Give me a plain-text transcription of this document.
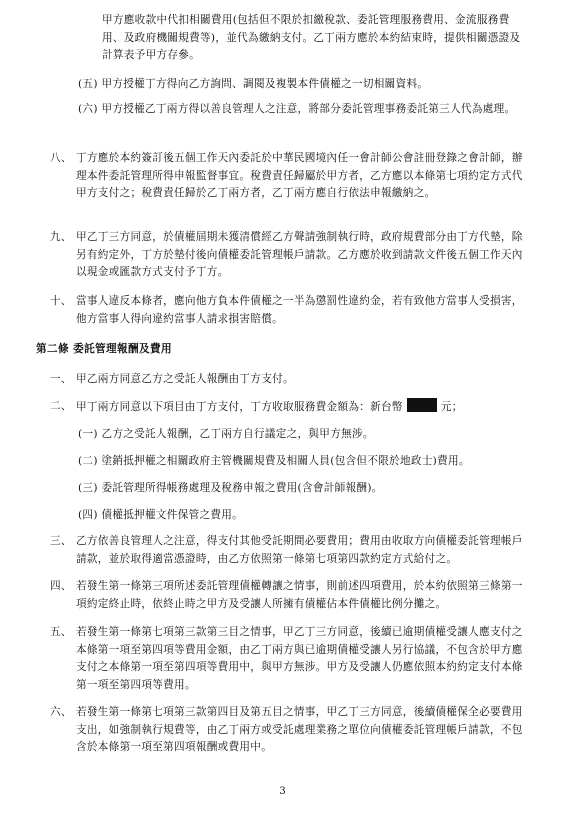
甲方應收款中代扣相關費用(包括但不限於扣繳稅款、委託管理服務費用、金流服務費用、及政府機關規費等)，並代為繳納支付。乙丁兩方應於本約結束時，提供相關憑證及計算表予甲方存參。

(五) 甲方授權丁方得向乙方詢問、調閱及複製本件債權之一切相關資料。

(六) 甲方授權乙丁兩方得以善良管理人之注意，將部分委託管理事務委託第三人代為處理。

八、 丁方應於本約簽訂後五個工作天內委託於中華民國境內任一會計師公會註冊登錄之會計師，辦理本件委託管理所得申報監督事宜。稅費責任歸屬於甲方者，乙方應以本條第七項約定方式代甲方支付之；稅費責任歸於乙丁兩方者，乙丁兩方應自行依法申報繳納之。

九、 甲乙丁三方同意，於債權屆期未獲清償經乙方聲請強制執行時，政府規費部分由丁方代墊，除另有約定外，丁方於墊付後向債權委託管理帳戶請款。乙方應於收到請款文件後五個工作天內以現金或匯款方式支付予丁方。

十、 當事人違反本條者，應向他方負本件債權之一半為懲罰性違約金，若有致他方當事人受損害，他方當事人得向違約當事人請求損害賠償。

第二條 委託管理報酬及費用

一、 甲乙兩方同意乙方之受託人報酬由丁方支付。

二、 甲丁兩方同意以下項目由丁方支付，丁方收取服務費金額為：新台幣	元；

(一) 乙方之受託人報酬，乙丁兩方自行議定之，與甲方無涉。

(二) 塗銷抵押權之相關政府主管機關規費及相關人員(包含但不限於地政士)費用。

(三) 委託管理所得帳務處理及稅務申報之費用(含會計師報酬)。

(四) 債權抵押權文件保管之費用。

三、 乙方依善良管理人之注意，得支付其他受託期間必要費用；費用由收取方向債權委託管理帳戶請款，並於取得適當憑證時，由乙方依照第一條第七項第四款約定方式給付之。

四、 若發生第一條第三項所述委託管理債權轉讓之情事，則前述四項費用，於本約依照第三條第一項約定終止時，依終止時之甲方及受讓人所擁有債權佔本件債權比例分攤之。

五、 若發生第一條第七項第三款第三目之情事，甲乙丁三方同意，後續已逾期債權受讓人應支付之本條第一項至第四項等費用金額，由乙丁兩方與已逾期債權受讓人另行協議，不包含於甲方應支付之本條第一項至第四項等費用中，與甲方無涉。甲方及受讓人仍應依照本約約定支付本條第一項至第四項等費用。

六、 若發生第一條第七項第三款第四目及第五目之情事，甲乙丁三方同意，後續債權保全必要費用支出，如強制執行規費等，由乙丁兩方或受託處理業務之單位向債權委託管理帳戶請款，不包含於本條第一項至第四項報酬或費用中。

3
